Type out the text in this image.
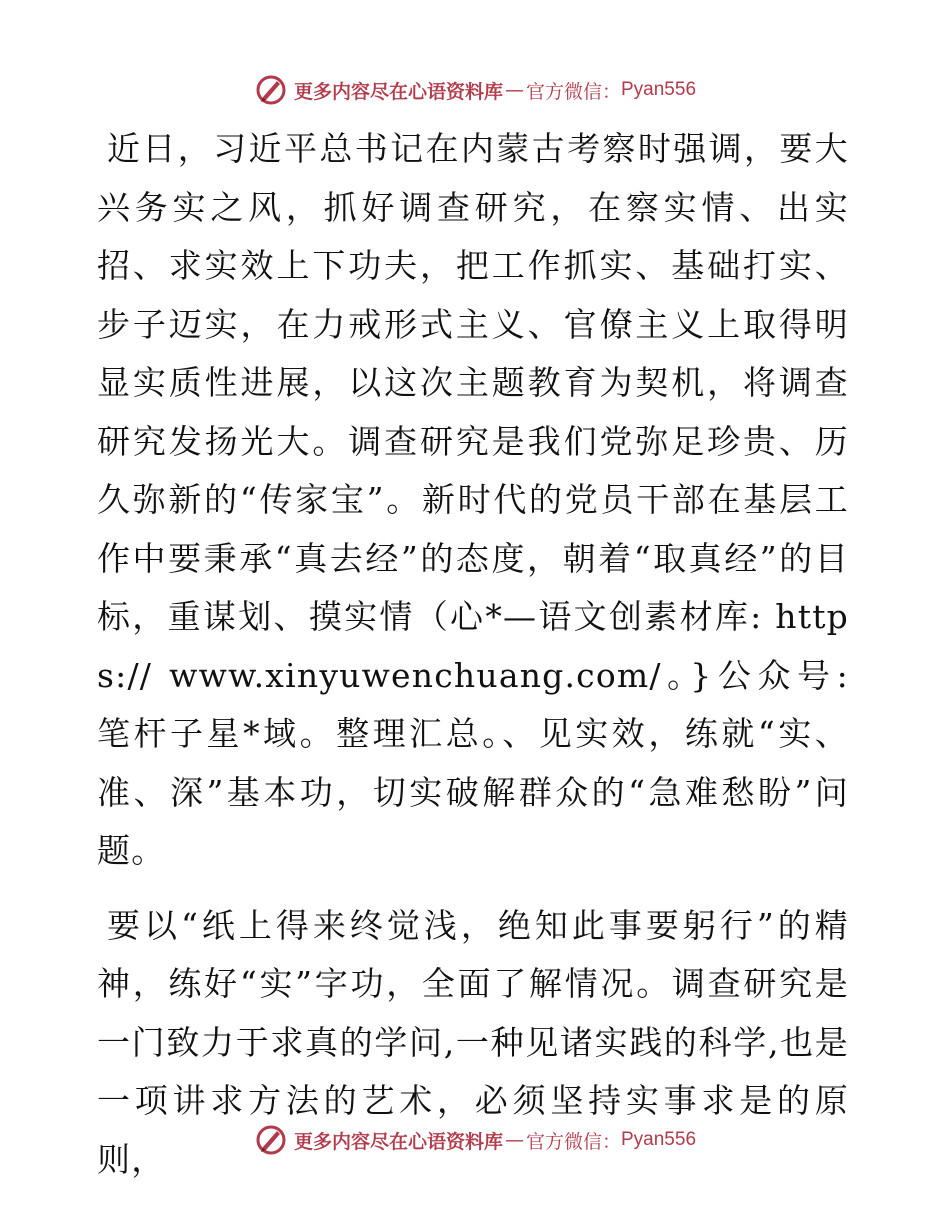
更多内容尽在心语资料库 — 官方微信： Pyan556

近日，习近平总书记在内蒙古考察时强调，要大兴务实之风，抓好调查研究，在察实情、出实招、求实效上下功夫，把工作抓实、基础打实、步子迈实，在力戒形式主义、官僚主义上取得明显实质性进展，以这次主题教育为契机，将调查研究发扬光大。调查研究是我们党弥足珍贵、历久弥新的“传家宝”。新时代的党员干部在基层工作中要秉承“真去经”的态度，朝着“取真经”的目标，重谋划、摸实情（心*—语文创素材库: https:// www.xinyuwenchuang.com/。}公众号: 笔杆子星*域。整理汇总。、见实效，练就“实、准、深”基本功，切实破解群众的“急难愁盼”问题。

要以“纸上得来终觉浅，绝知此事要躬行”的精神，练好“实”字功，全面了解情况。调查研究是一门致力于求真的学问,一种见诸实践的科学,也是一项讲求方法的艺术，必须坚持实事求是的原则，	更多内容尽在心语资料库 — 官方微信： Pyan556
